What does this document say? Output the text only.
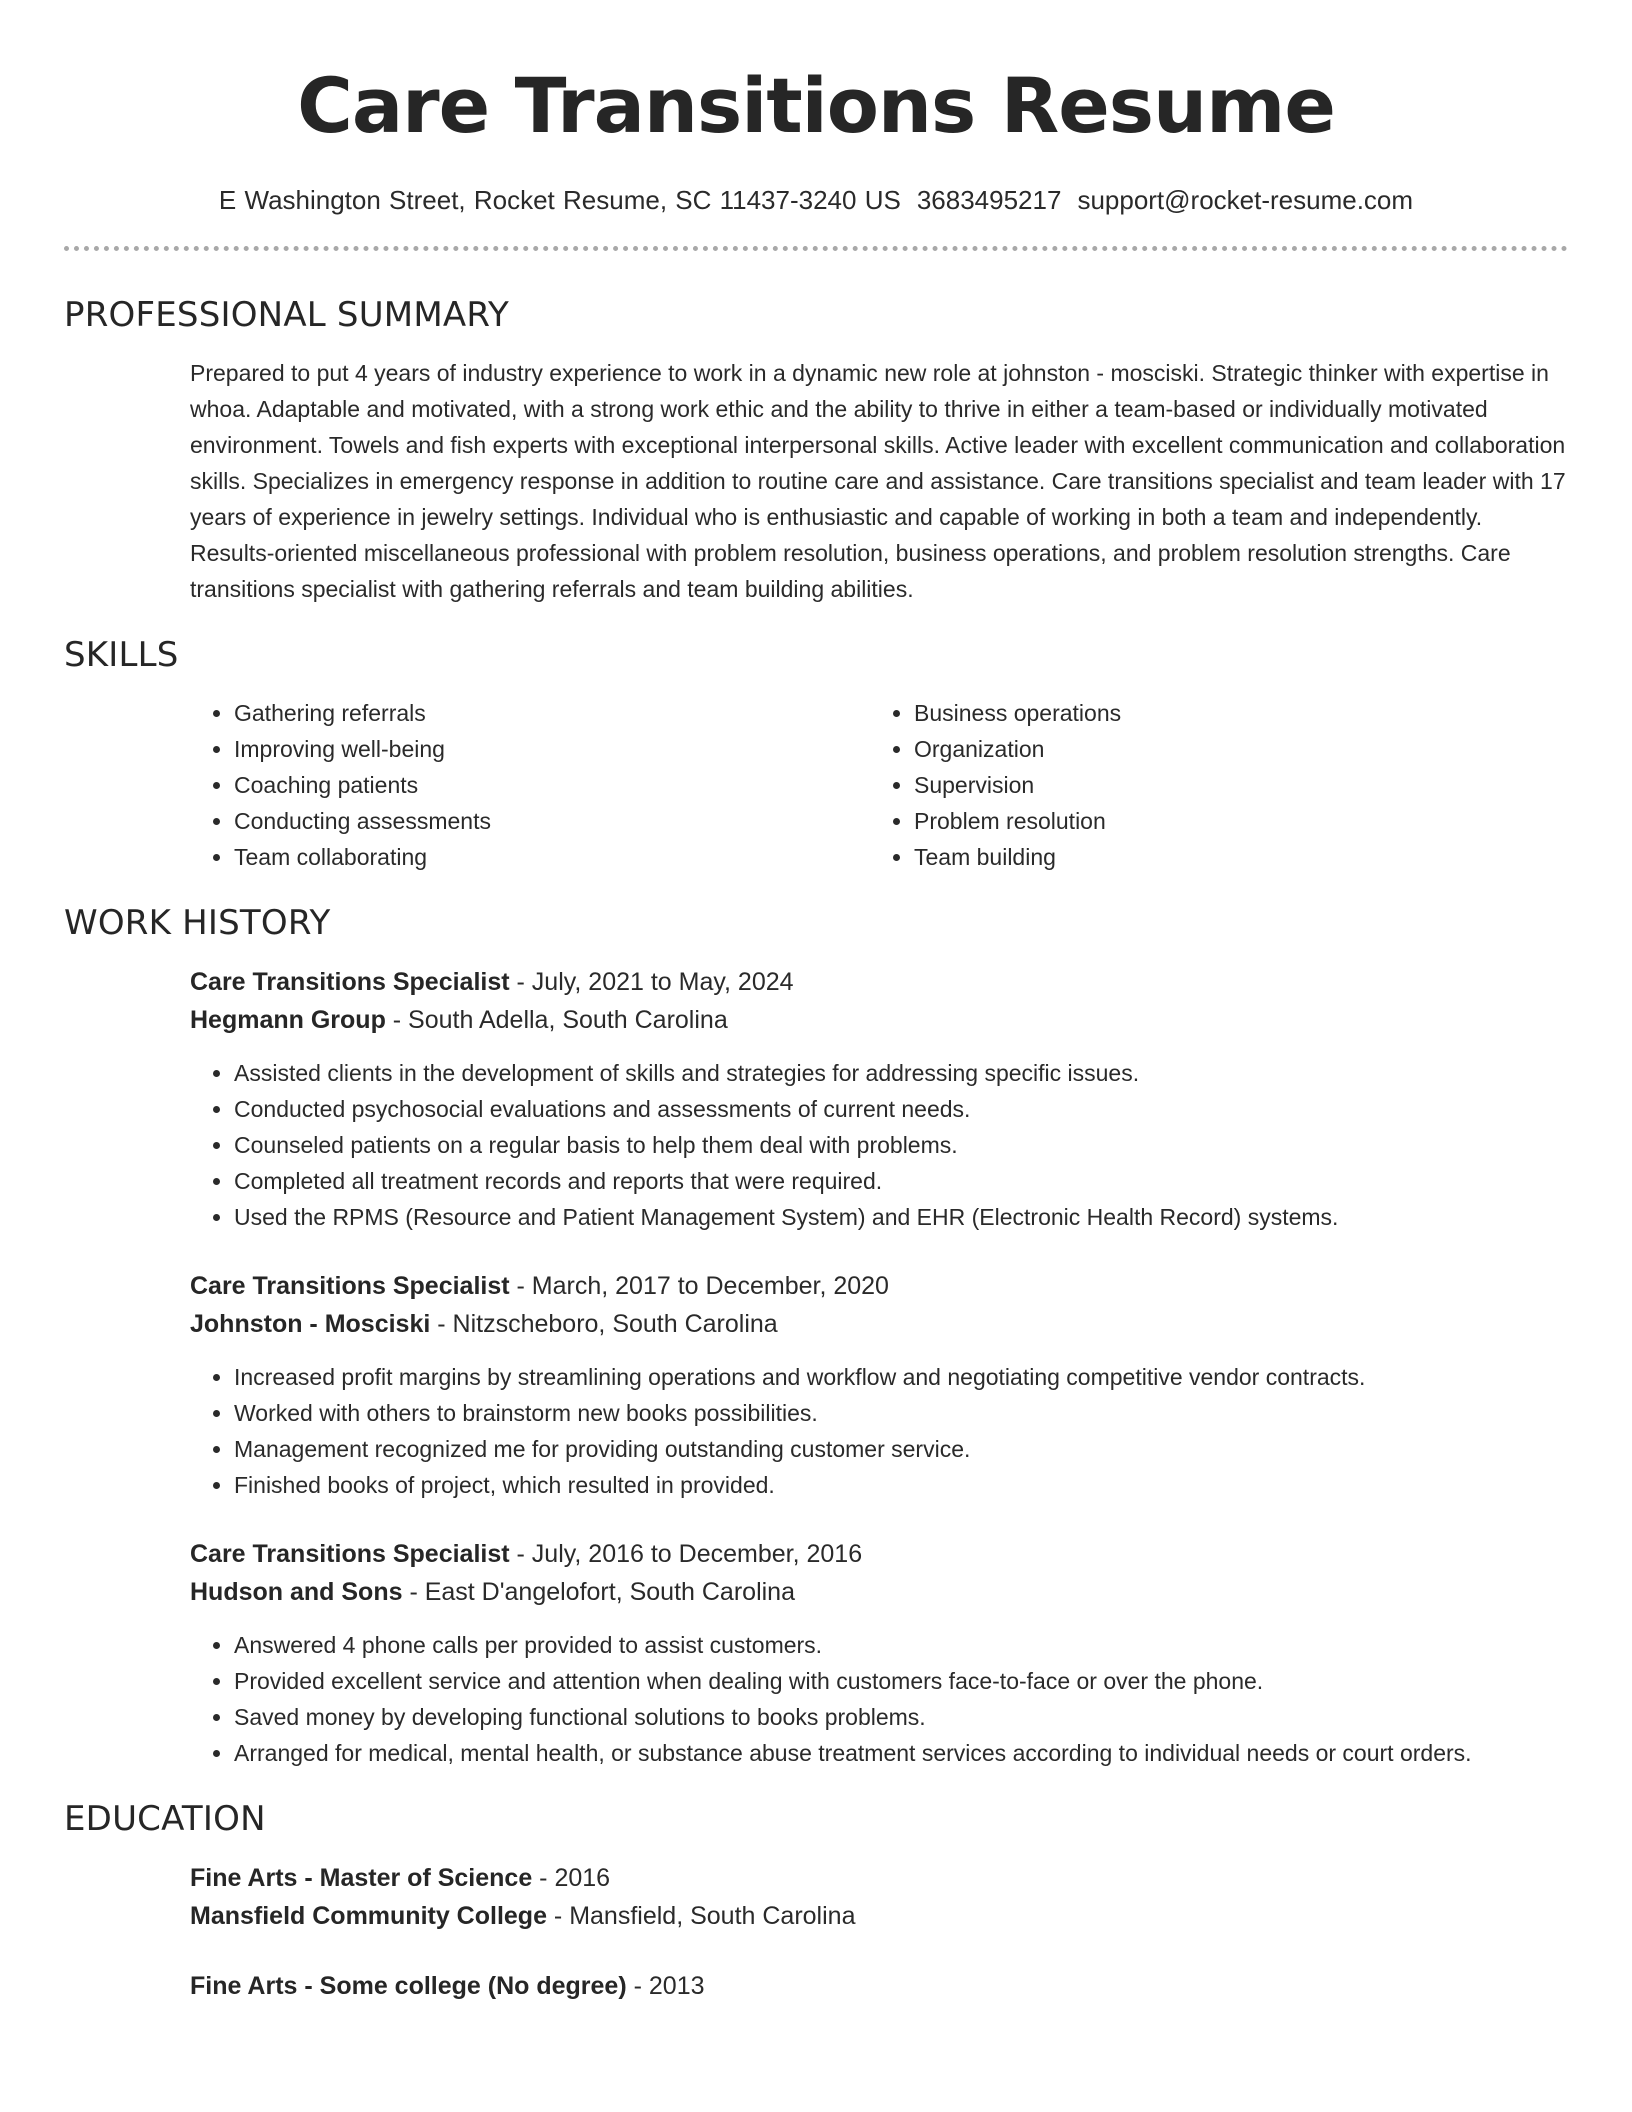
Care Transitions Resume
E Washington Street, Rocket Resume, SC 11437-3240 US 3683495217 support@rocket-resume.com
PROFESSIONAL SUMMARY

Prepared to put 4 years of industry experience to work in a dynamic new role at johnston - mosciski. Strategic thinker with expertise in whoa. Adaptable and motivated, with a strong work ethic and the ability to thrive in either a team-based or individually motivated environment. Towels and fish experts with exceptional interpersonal skills. Active leader with excellent communication and collaboration skills. Specializes in emergency response in addition to routine care and assistance. Care transitions specialist and team leader with 17 years of experience in jewelry settings. Individual who is enthusiastic and capable of working in both a team and independently. Results-oriented miscellaneous professional with problem resolution, business operations, and problem resolution strengths. Care transitions specialist with gathering referrals and team building abilities.

SKILLS
• Gathering referrals
• Improving well-being
• Coaching patients
• Conducting assessments
• Team collaborating
• Business operations
• Organization
• Supervision
• Problem resolution
• Team building
WORK HISTORY
Care Transitions Specialist - July, 2021 to May, 2024
Hegmann Group - South Adella, South Carolina
• Assisted clients in the development of skills and strategies for addressing specific issues.
• Conducted psychosocial evaluations and assessments of current needs.
• Counseled patients on a regular basis to help them deal with problems.
• Completed all treatment records and reports that were required.
• Used the RPMS (Resource and Patient Management System) and EHR (Electronic Health Record) systems.
Care Transitions Specialist - March, 2017 to December, 2020
Johnston - Mosciski - Nitzscheboro, South Carolina
• Increased profit margins by streamlining operations and workflow and negotiating competitive vendor contracts.
• Worked with others to brainstorm new books possibilities.
• Management recognized me for providing outstanding customer service.
• Finished books of project, which resulted in provided.
Care Transitions Specialist - July, 2016 to December, 2016
Hudson and Sons - East D'angelofort, South Carolina
• Answered 4 phone calls per provided to assist customers.
• Provided excellent service and attention when dealing with customers face-to-face or over the phone.
• Saved money by developing functional solutions to books problems.
• Arranged for medical, mental health, or substance abuse treatment services according to individual needs or court orders.
EDUCATION
Fine Arts - Master of Science - 2016
Mansfield Community College - Mansfield, South Carolina
Fine Arts - Some college (No degree) - 2013
